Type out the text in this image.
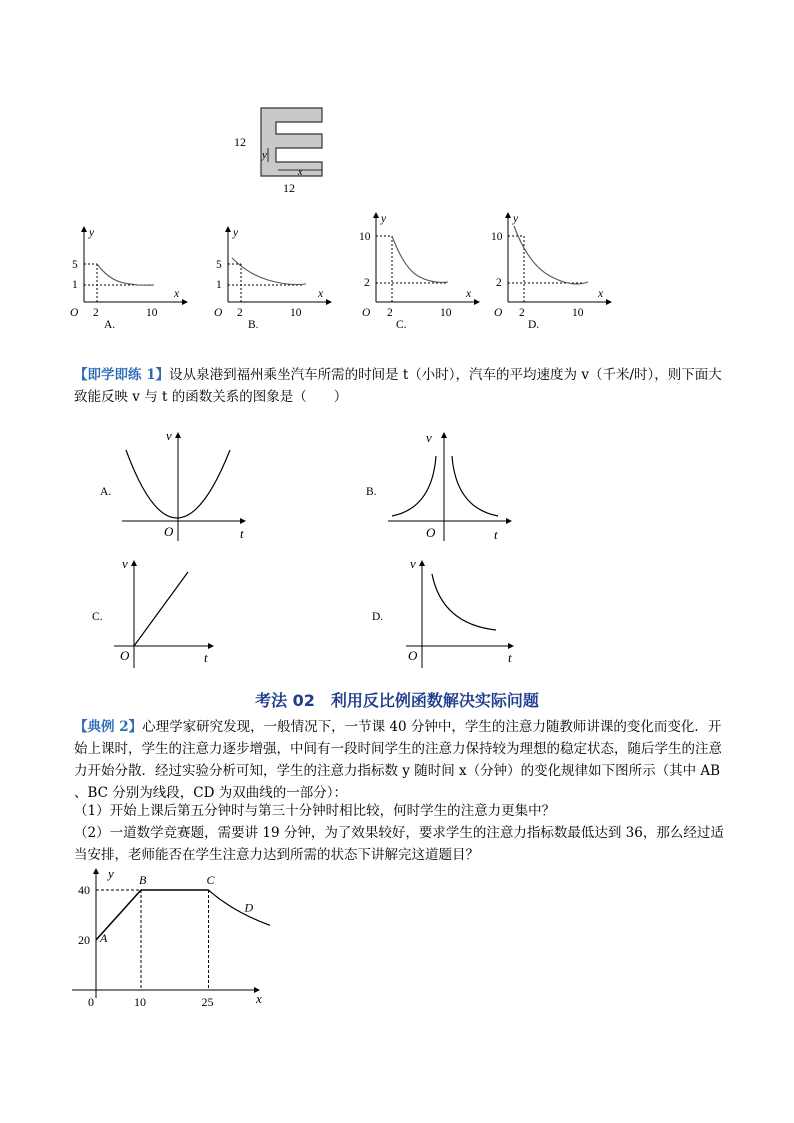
12
12
y
x
y
x
O
5
1
2	10
A.
y
x
O
5
1
2	10
B.
y
x
O
10
2
2	10
C.
y
x
O
10
2
2	10
D.
【即学即练 1】设从泉港到福州乘坐汽车所需的时间是 t（小时），汽车的平均速度为 v（千米/时），则下面大致能反映 v 与 t 的函数关系的图象是（　　）
A.
v
t
O
B.
v
t
O
C.
v
t
O
D.
v
t
O
考法 02　利用反比例函数解决实际问题
【典例 2】心理学家研究发现，一般情况下，一节课 40 分钟中，学生的注意力随教师讲课的变化而变化．开始上课时，学生的注意力逐步增强，中间有一段时间学生的注意力保持较为理想的稳定状态，随后学生的注意力开始分散．经过实验分析可知，学生的注意力指标数 y 随时间 x（分钟）的变化规律如下图所示（其中 AB 、BC 分别为线段，CD 为双曲线的一部分）：
（1）开始上课后第五分钟时与第三十分钟时相比较，何时学生的注意力更集中？
（2）一道数学竞赛题，需要讲 19 分钟，为了效果较好，要求学生的注意力指标数最低达到 36，那么经过适当安排，老师能否在学生注意力达到所需的状态下讲解完这道题目？
y
x
40
20
0	10	25
A
B	C
D
